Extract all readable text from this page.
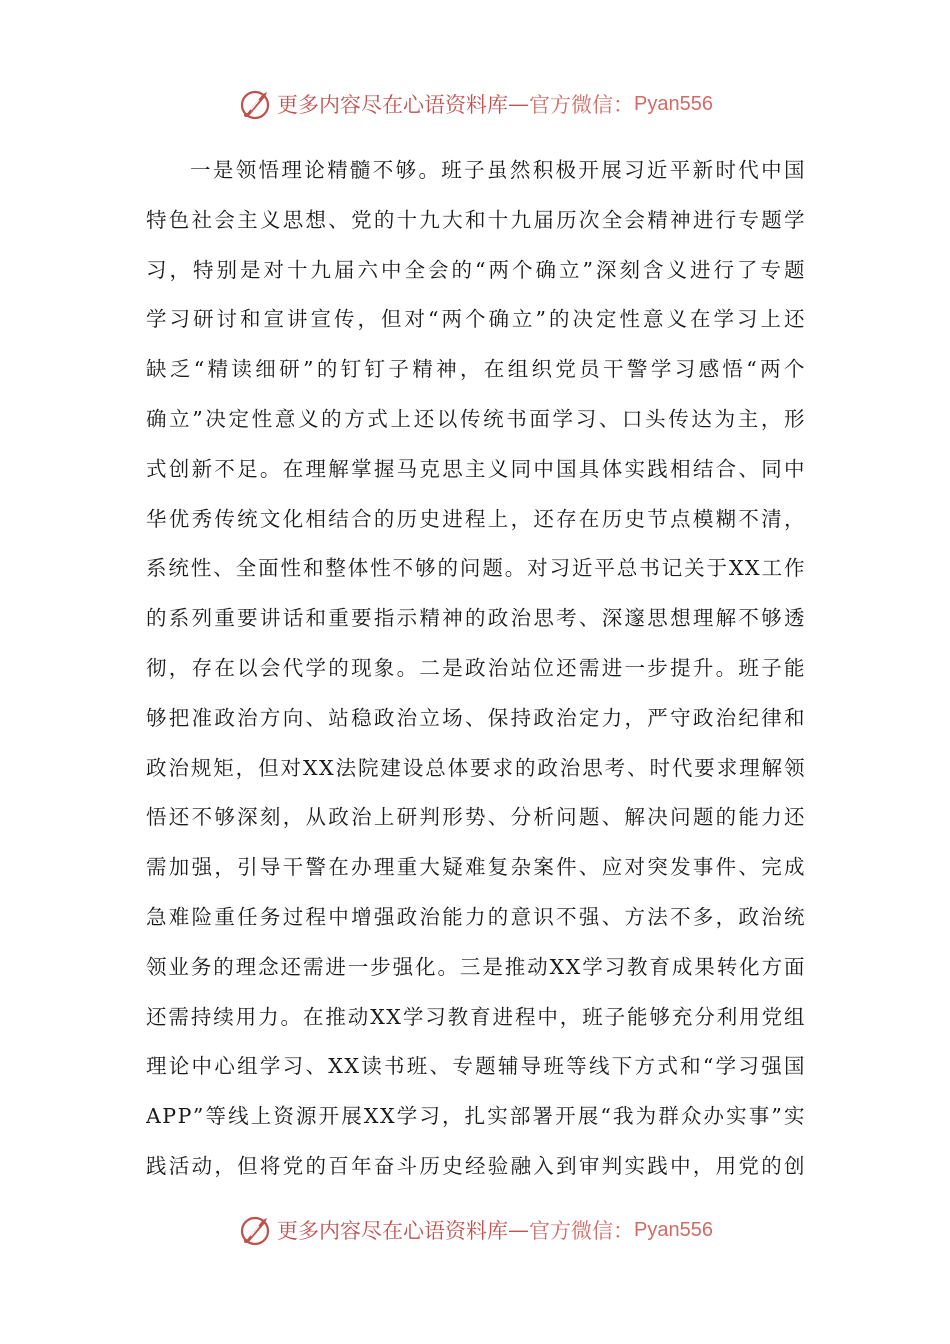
更多内容尽在心语资料库 — 官方微信： Pyan556
一是领悟理论精髓不够。班子虽然积极开展习近平新时代中国
特色社会主义思想、党的十九大和十九届历次全会精神进行专题学
习，特别是对十九届六中全会的“两个确立”深刻含义进行了专题
学习研讨和宣讲宣传，但对“两个确立”的决定性意义在学习上还
缺乏“精读细研”的钉钉子精神，在组织党员干警学习感悟“两个
确立”决定性意义的方式上还以传统书面学习、口头传达为主，形
式创新不足。在理解掌握马克思主义同中国具体实践相结合、同中
华优秀传统文化相结合的历史进程上，还存在历史节点模糊不清，
系统性、全面性和整体性不够的问题。对习近平总书记关于XX工作
的系列重要讲话和重要指示精神的政治思考、深邃思想理解不够透
彻，存在以会代学的现象。二是政治站位还需进一步提升。班子能
够把准政治方向、站稳政治立场、保持政治定力，严守政治纪律和
政治规矩，但对XX法院建设总体要求的政治思考、时代要求理解领
悟还不够深刻，从政治上研判形势、分析问题、解决问题的能力还
需加强，引导干警在办理重大疑难复杂案件、应对突发事件、完成
急难险重任务过程中增强政治能力的意识不强、方法不多，政治统
领业务的理念还需进一步强化。三是推动XX学习教育成果转化方面
还需持续用力。在推动XX学习教育进程中，班子能够充分利用党组
理论中心组学习、XX读书班、专题辅导班等线下方式和“学习强国
APP”等线上资源开展XX学习，扎实部署开展“我为群众办实事”实
践活动，但将党的百年奋斗历史经验融入到审判实践中，用党的创
更多内容尽在心语资料库 — 官方微信： Pyan556
